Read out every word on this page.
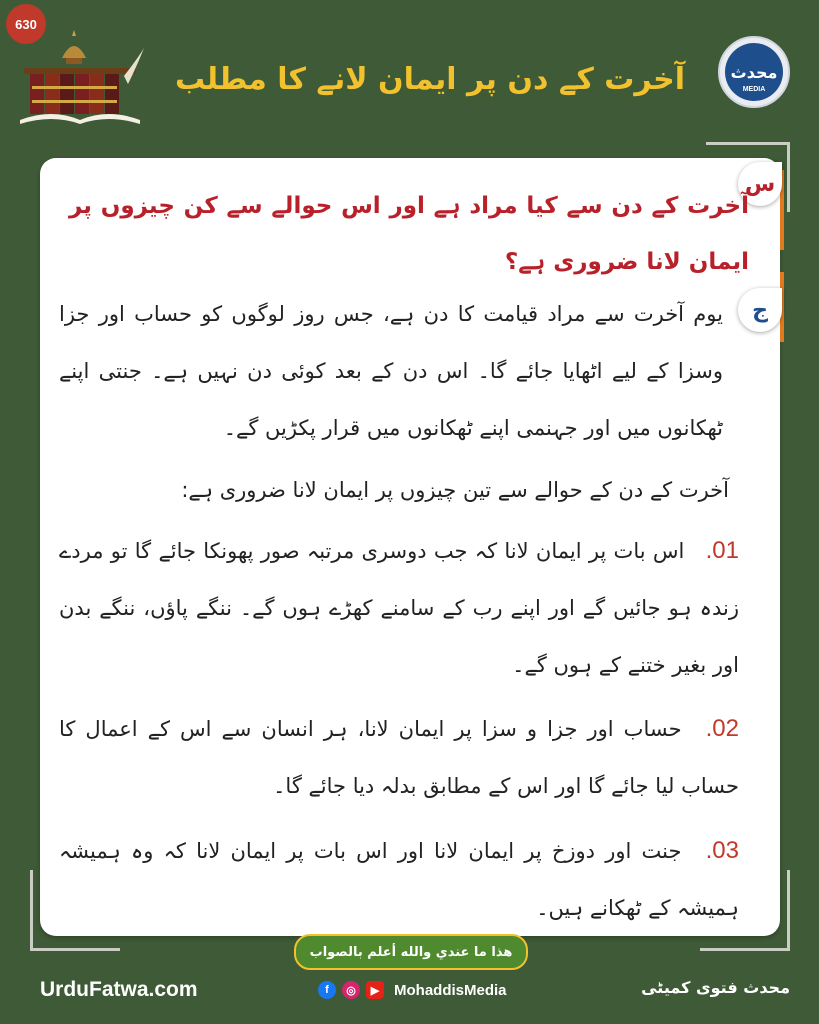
630
آخرت کے دن پر ایمان لانے کا مطلب	محدث
MEDIA
س
آخرت کے دن سے کیا مراد ہے اور اس حوالے سے کن چیزوں پر ایمان لانا ضروری ہے؟
ج
یوم آخرت سے مراد قیامت کا دن ہے، جس روز لوگوں کو حساب اور جزا وسزا کے لیے اٹھایا جائے گا۔ اس دن کے بعد کوئی دن نہیں ہے۔ جنتی اپنے ٹھکانوں میں اور جہنمی اپنے ٹھکانوں میں قرار پکڑیں گے۔
آخرت کے دن کے حوالے سے تین چیزوں پر ایمان لانا ضروری ہے:
01. اس بات پر ایمان لانا کہ جب دوسری مرتبہ صور پھونکا جائے گا تو مردے زندہ ہو جائیں گے اور اپنے رب کے سامنے کھڑے ہوں گے۔ ننگے پاؤں، ننگے بدن اور بغیر ختنے کے ہوں گے۔
02. حساب اور جزا و سزا پر ایمان لانا، ہر انسان سے اس کے اعمال کا حساب لیا جائے گا اور اس کے مطابق بدلہ دیا جائے گا۔
03. جنت اور دوزخ پر ایمان لانا اور اس بات پر ایمان لانا کہ وہ ہمیشہ ہمیشہ کے ٹھکانے ہیں۔
هذا ما عندي والله أعلم بالصواب
UrduFatwa.com	f	◎	▶ MohaddisMedia	محدث فتوی کمیٹی
